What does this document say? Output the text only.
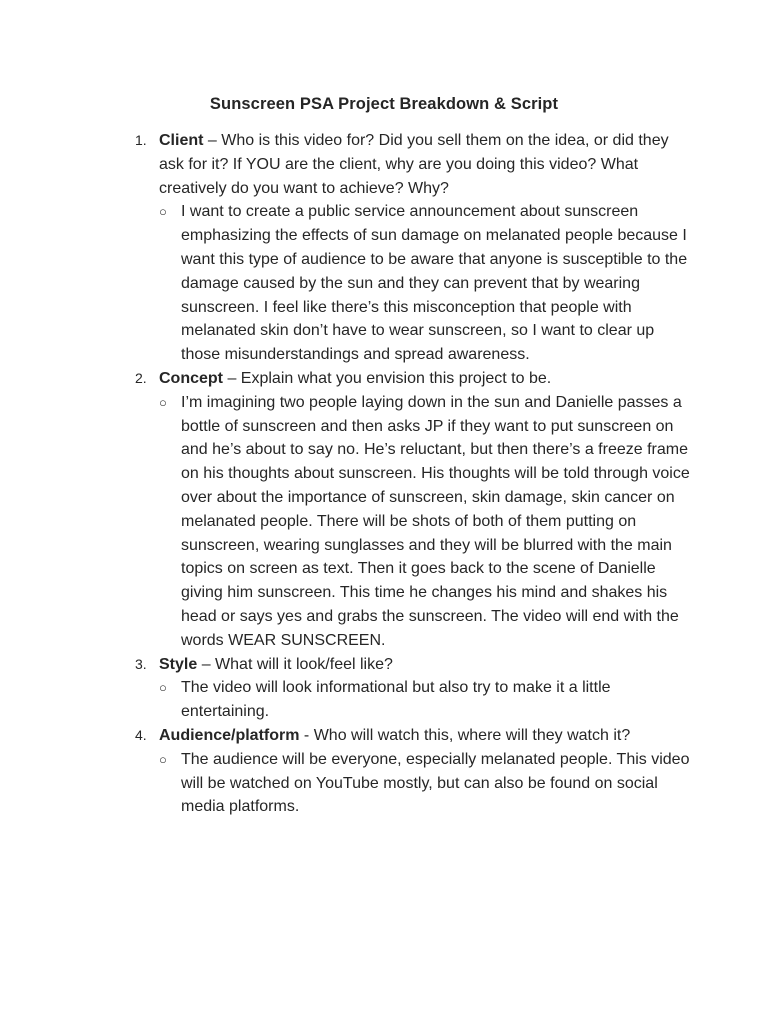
Sunscreen PSA Project Breakdown & Script
1. Client – Who is this video for? Did you sell them on the idea, or did they ask for it? If YOU are the client, why are you doing this video? What creatively do you want to achieve? Why?
○ I want to create a public service announcement about sunscreen emphasizing the effects of sun damage on melanated people because I want this type of audience to be aware that anyone is susceptible to the damage caused by the sun and they can prevent that by wearing sunscreen. I feel like there’s this misconception that people with melanated skin don’t have to wear sunscreen, so I want to clear up those misunderstandings and spread awareness.
2. Concept – Explain what you envision this project to be.
○ I’m imagining two people laying down in the sun and Danielle passes a bottle of sunscreen and then asks JP if they want to put sunscreen on and he’s about to say no. He’s reluctant, but then there’s a freeze frame on his thoughts about sunscreen. His thoughts will be told through voice over about the importance of sunscreen, skin damage, skin cancer on melanated people. There will be shots of both of them putting on sunscreen, wearing sunglasses and they will be blurred with the main topics on screen as text. Then it goes back to the scene of Danielle giving him sunscreen. This time he changes his mind and shakes his head or says yes and grabs the sunscreen. The video will end with the words WEAR SUNSCREEN.
3. Style – What will it look/feel like?
○ The video will look informational but also try to make it a little entertaining.
4. Audience/platform - Who will watch this, where will they watch it?
○ The audience will be everyone, especially melanated people. This video will be watched on YouTube mostly, but can also be found on social media platforms.
